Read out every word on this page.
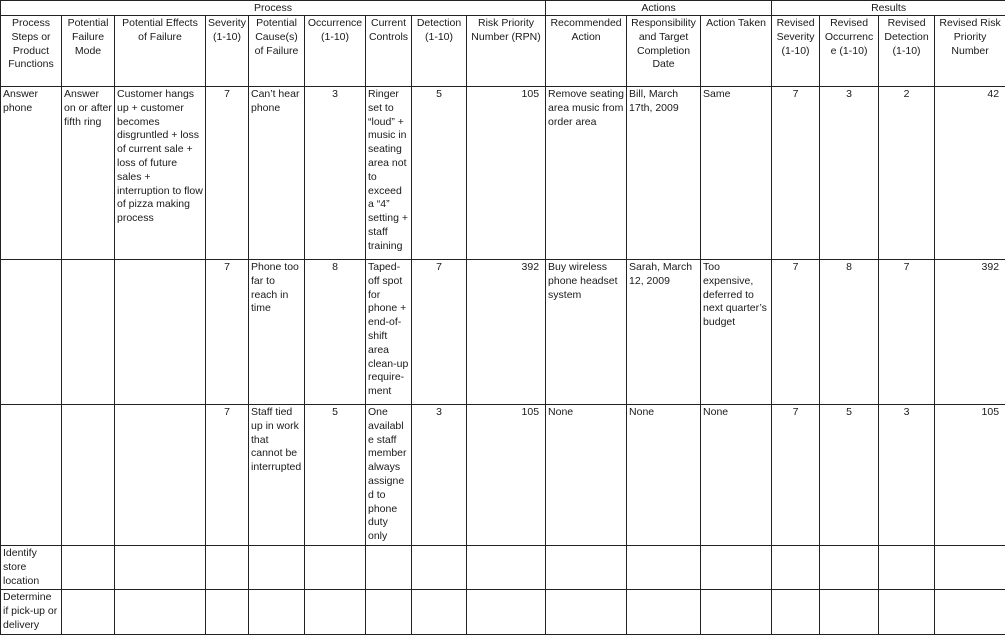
Process									Actions			Results			
Process Steps or Product Functions	Potential Failure Mode	Potential Effects of Failure	Severity (1-10)	Potential Cause(s) of Failure	Occurrence (1-10)	Current Controls	Detection (1-10)	Risk Priority Number (RPN)	Recommended Action	Responsibility and Target Completion Date	Action Taken	Revised Severity (1-10)	Revised Occurrence (1-10)	Revised Detection (1-10)	Revised Risk Priority Number
Answer phone	Answer on or after fifth ring	Customer hangs up + customer becomes disgruntled + loss of current sale + loss of future sales + interruption to flow of pizza making process	7	Can’t hear phone	3	Ringer set to “loud” + music in seating area not to exceed a “4” setting + staff training	5	105	Remove seating area music from order area	Bill, March 17th, 2009	Same	7	3	2	42
			7	Phone too far to reach in time	8	Taped-off spot for phone + end-of-shift area clean-up require-ment	7	392	Buy wireless phone headset system	Sarah, March 12, 2009	Too expensive, deferred to next quarter’s budget	7	8	7	392
			7	Staff tied up in work that cannot be interrupted	5	One available staff member always assigned to phone duty only	3	105	None	None	None	7	5	3	105
Identify store location															
Determine if pick-up or delivery															
